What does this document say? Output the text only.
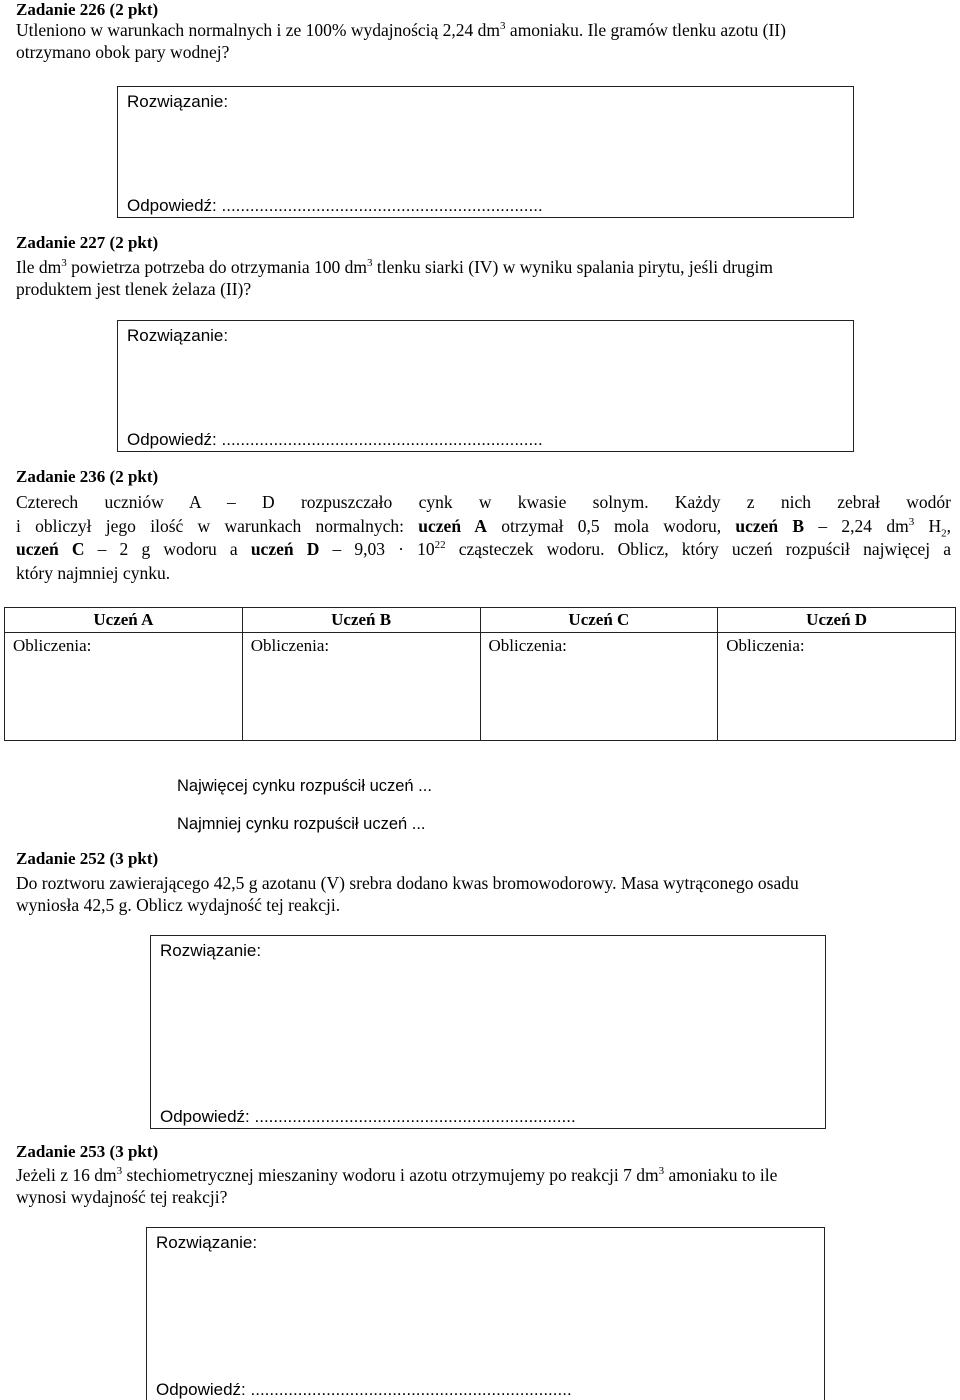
Zadanie 226 (2 pkt)
Utleniono w warunkach normalnych i ze 100% wydajnością 2,24 $dm^3$ amoniaku. Ile gramów tlenku azotu (II)
otrzymano obok pary wodnej?
Rozwiązanie:
Odpowiedź: ....................................................................
Zadanie 227 (2 pkt)
Ile $dm^3$ powietrza potrzeba do otrzymania 100 $dm^3$ tlenku siarki (IV) w wyniku spalania pirytu, jeśli drugim
produktem jest tlenek żelaza (II)?
Rozwiązanie:
Odpowiedź: ....................................................................
Zadanie 236 (2 pkt)
Czterech uczniów A – D rozpuszczało cynk w kwasie solnym. Każdy z nich zebrał wodór
i obliczył jego ilość w warunkach normalnych: uczeń A otrzymał 0,5 mola wodoru, uczeń B – 2,24 $dm^3$ $H_2$,
uczeń C – 2 g wodoru a uczeń $D - 9,03 \cdot 10^{22}$ cząsteczek wodoru. Oblicz, który uczeń rozpuścił najwięcej a
który najmniej cynku.
Uczeń A	Uczeń B	Uczeń C	Uczeń D
Obliczenia:	Obliczenia:	Obliczenia:	Obliczenia:
Najwięcej cynku rozpuścił uczeń ...
Najmniej cynku rozpuścił uczeń ...
Zadanie 252 (3 pkt)
Do roztworu zawierającego 42,5 g azotanu (V) srebra dodano kwas bromowodorowy. Masa wytrąconego osadu
wyniosła 42,5 g. Oblicz wydajność tej reakcji.
Rozwiązanie:
Odpowiedź: ....................................................................
Zadanie 253 (3 pkt)
Jeżeli z 16 $dm^3$ stechiometrycznej mieszaniny wodoru i azotu otrzymujemy po reakcji 7 $dm^3$ amoniaku to ile
wynosi wydajność tej reakcji?
Rozwiązanie:
Odpowiedź: ....................................................................
